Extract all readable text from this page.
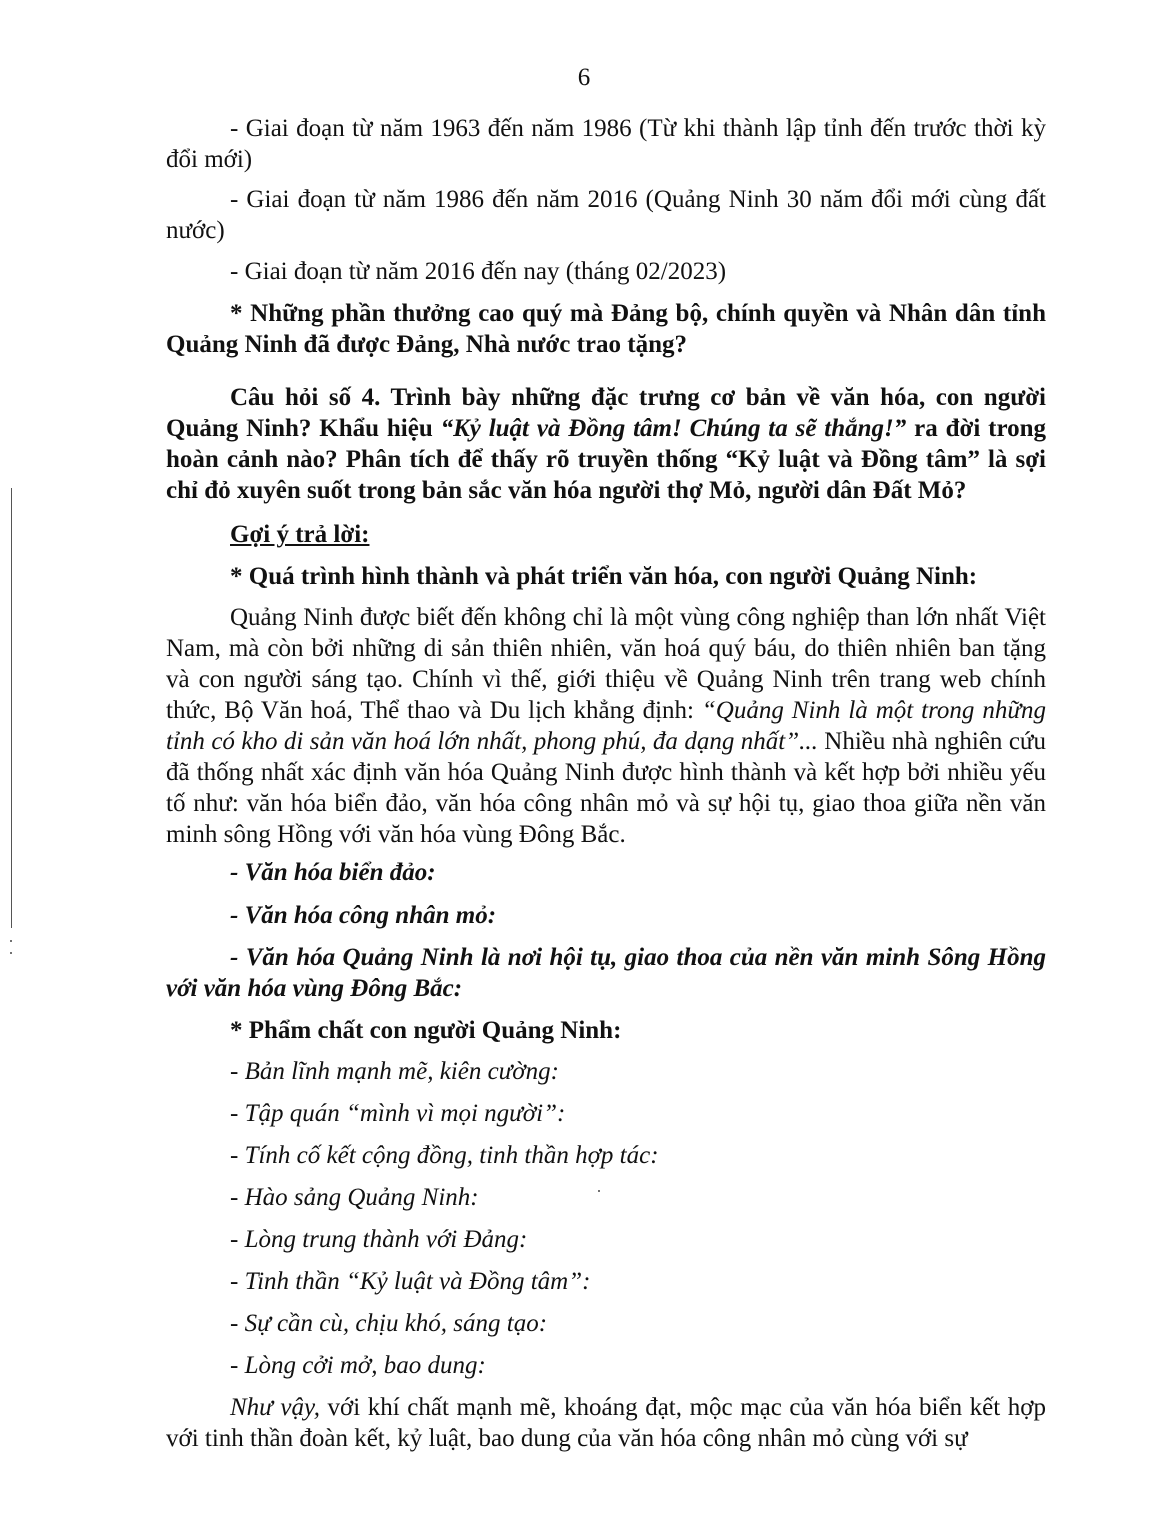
6

- Giai đoạn từ năm 1963 đến năm 1986 (Từ khi thành lập tỉnh đến trước thời kỳ đổi mới)

- Giai đoạn từ năm 1986 đến năm 2016 (Quảng Ninh 30 năm đổi mới cùng đất nước)

- Giai đoạn từ năm 2016 đến nay (tháng 02/2023)

* Những phần thưởng cao quý mà Đảng bộ, chính quyền và Nhân dân tỉnh Quảng Ninh đã được Đảng, Nhà nước trao tặng?

Câu hỏi số 4. Trình bày những đặc trưng cơ bản về văn hóa, con người Quảng Ninh? Khẩu hiệu “Kỷ luật và Đồng tâm! Chúng ta sẽ thắng!” ra đời trong hoàn cảnh nào? Phân tích để thấy rõ truyền thống “Kỷ luật và Đồng tâm” là sợi chỉ đỏ xuyên suốt trong bản sắc văn hóa người thợ Mỏ, người dân Đất Mỏ?

Gợi ý trả lời:

* Quá trình hình thành và phát triển văn hóa, con người Quảng Ninh:

Quảng Ninh được biết đến không chỉ là một vùng công nghiệp than lớn nhất Việt Nam, mà còn bởi những di sản thiên nhiên, văn hoá quý báu, do thiên nhiên ban tặng và con người sáng tạo. Chính vì thế, giới thiệu về Quảng Ninh trên trang web chính thức, Bộ Văn hoá, Thể thao và Du lịch khẳng định: “Quảng Ninh là một trong những tỉnh có kho di sản văn hoá lớn nhất, phong phú, đa dạng nhất”... Nhiều nhà nghiên cứu đã thống nhất xác định văn hóa Quảng Ninh được hình thành và kết hợp bởi nhiều yếu tố như: văn hóa biển đảo, văn hóa công nhân mỏ và sự hội tụ, giao thoa giữa nền văn minh sông Hồng với văn hóa vùng Đông Bắc.

- Văn hóa biển đảo:

- Văn hóa công nhân mỏ:

- Văn hóa Quảng Ninh là nơi hội tụ, giao thoa của nền văn minh Sông Hồng với văn hóa vùng Đông Bắc:

* Phẩm chất con người Quảng Ninh:

- Bản lĩnh mạnh mẽ, kiên cường:

- Tập quán “mình vì mọi người”:

- Tính cố kết cộng đồng, tinh thần hợp tác:

- Hào sảng Quảng Ninh:

- Lòng trung thành với Đảng:

- Tinh thần “Kỷ luật và Đồng tâm”:

- Sự cần cù, chịu khó, sáng tạo:

- Lòng cởi mở, bao dung:

Như vậy, với khí chất mạnh mẽ, khoáng đạt, mộc mạc của văn hóa biển kết hợp với tinh thần đoàn kết, kỷ luật, bao dung của văn hóa công nhân mỏ cùng với sự
